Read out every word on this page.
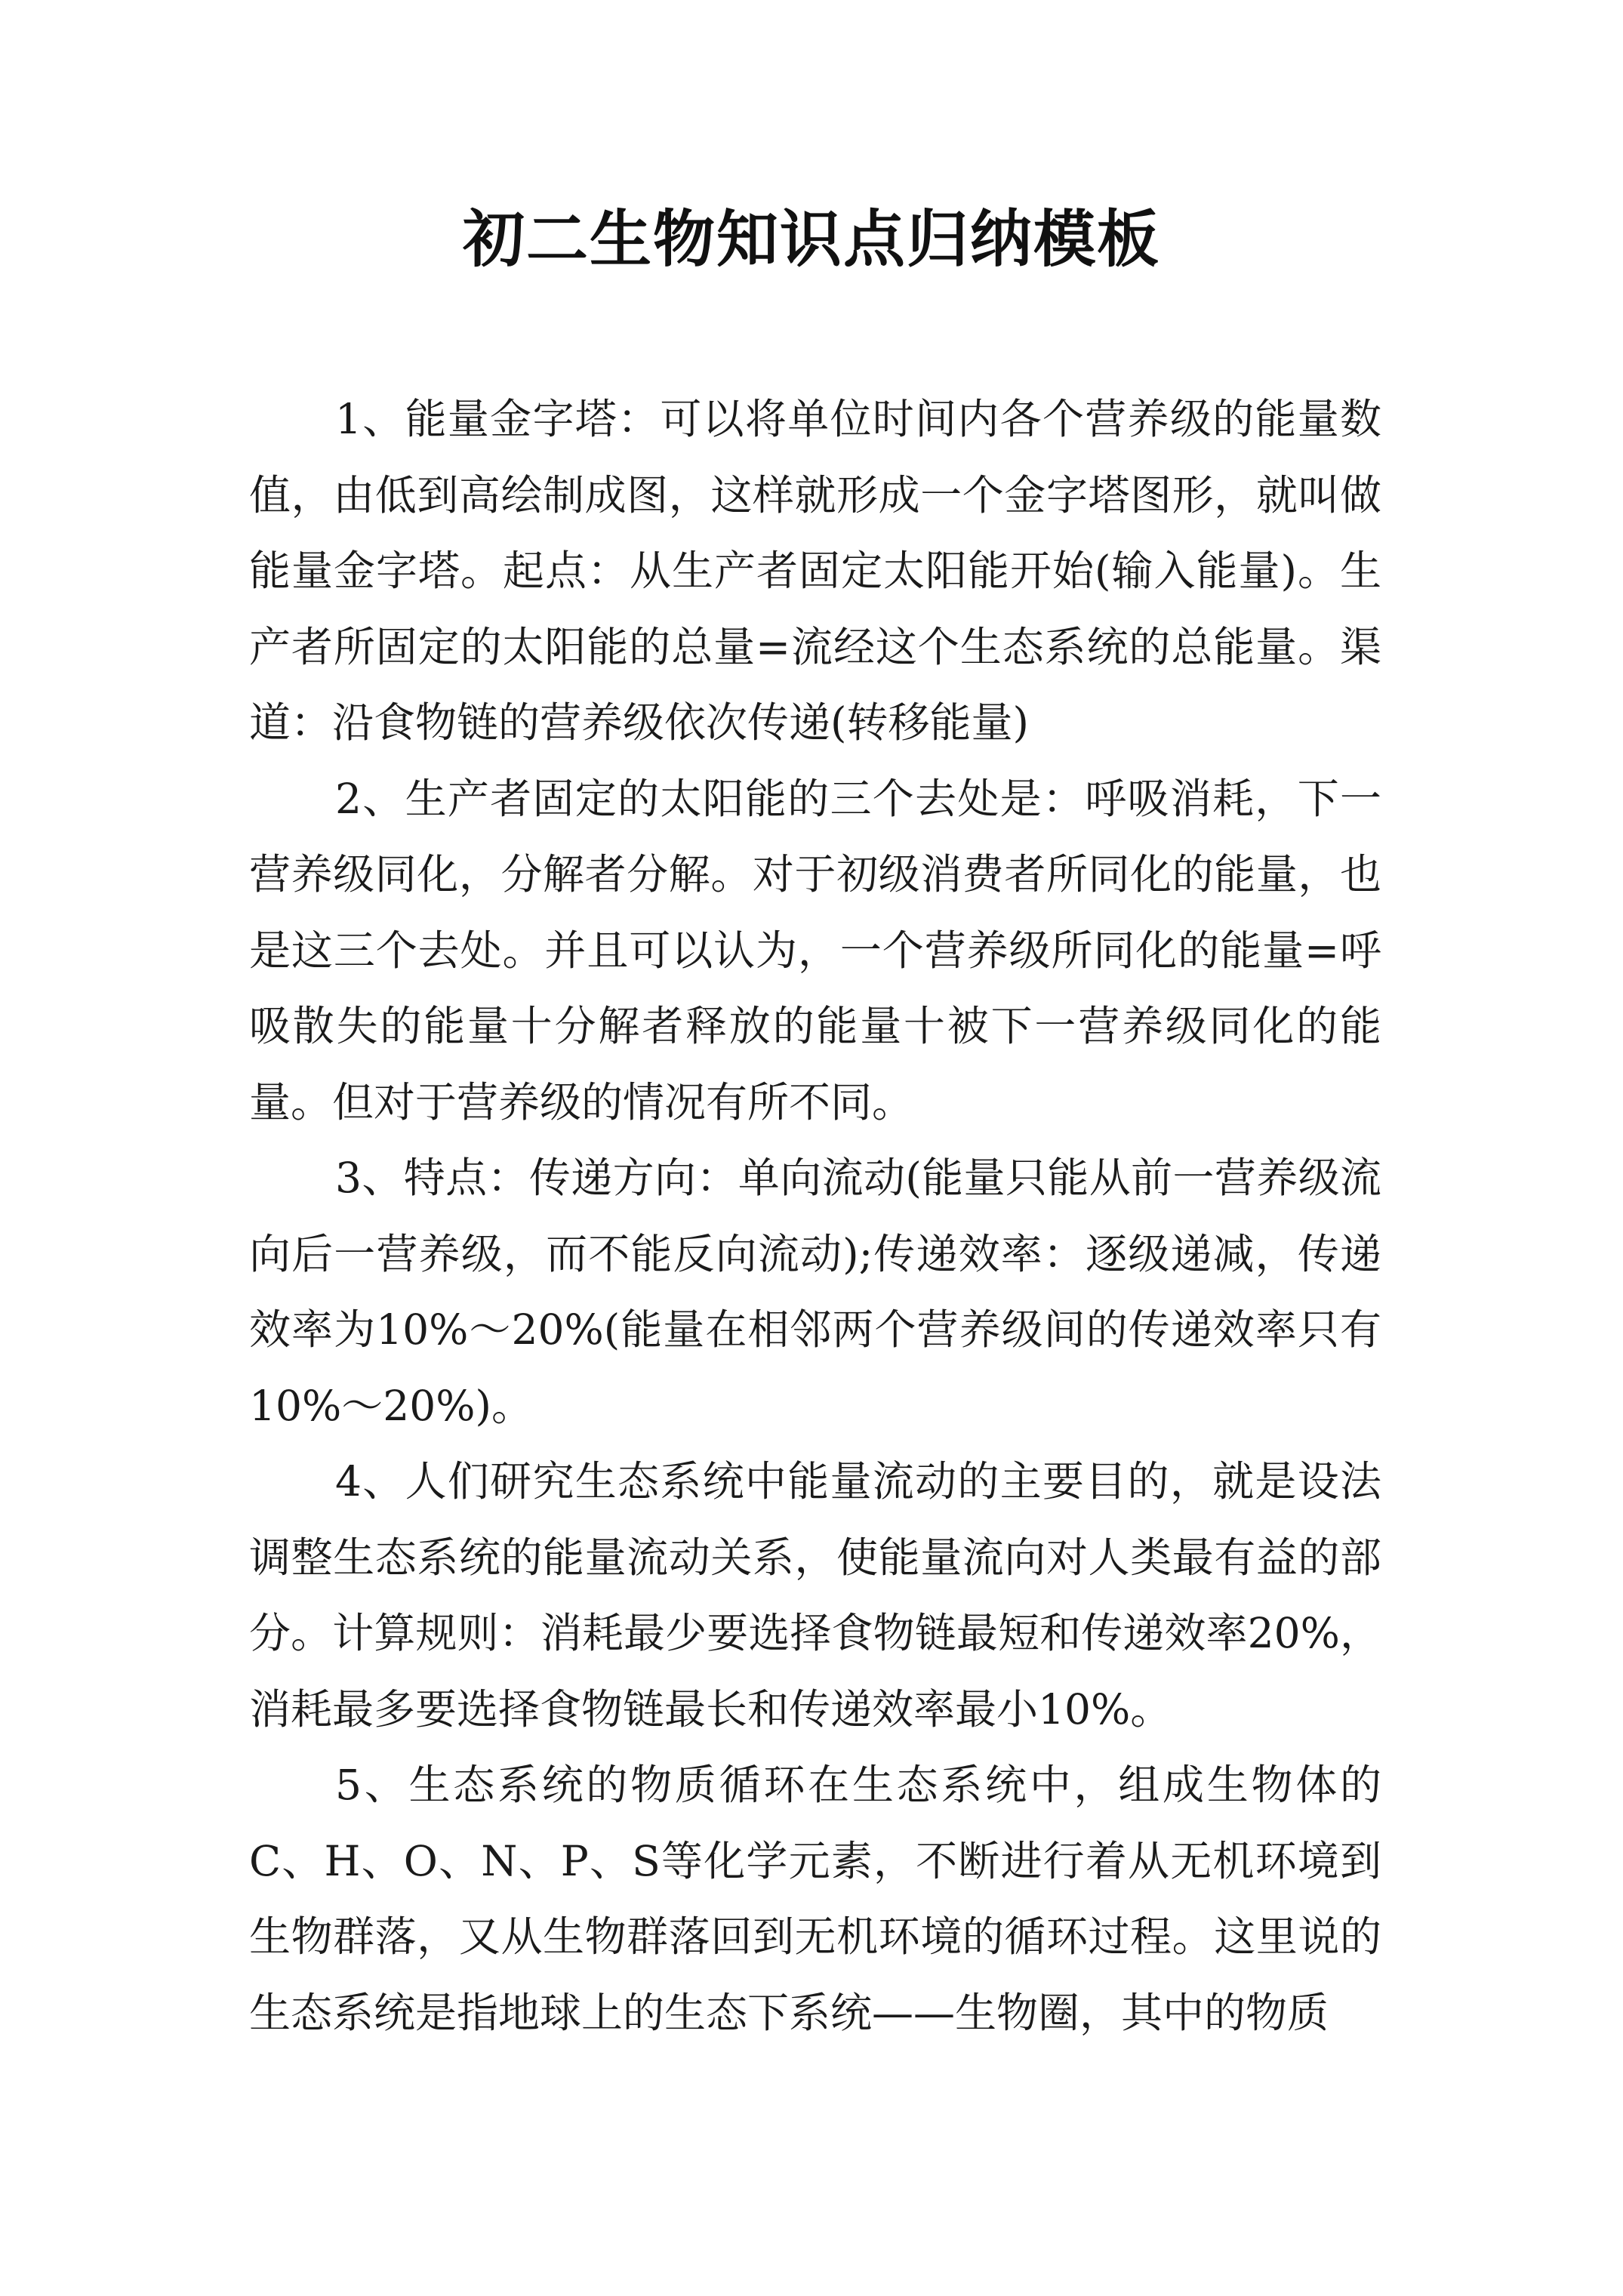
初二生物知识点归纳模板

1、能量金字塔：可以将单位时间内各个营养级的能量数值，由低到高绘制成图，这样就形成一个金字塔图形，就叫做能量金字塔。起点：从生产者固定太阳能开始(输入能量)。生产者所固定的太阳能的总量=流经这个生态系统的总能量。渠道：沿食物链的营养级依次传递(转移能量)

2、生产者固定的太阳能的三个去处是：呼吸消耗，下一营养级同化，分解者分解。对于初级消费者所同化的能量，也是这三个去处。并且可以认为，一个营养级所同化的能量=呼吸散失的能量十分解者释放的能量十被下一营养级同化的能量。但对于营养级的情况有所不同。

3、特点：传递方向：单向流动(能量只能从前一营养级流向后一营养级，而不能反向流动);传递效率：逐级递减，传递效率为10%～20%(能量在相邻两个营养级间的传递效率只有10%～20%)。

4、人们研究生态系统中能量流动的主要目的，就是设法调整生态系统的能量流动关系，使能量流向对人类最有益的部分。计算规则：消耗最少要选择食物链最短和传递效率20%，消耗最多要选择食物链最长和传递效率最小10%。

5、生态系统的物质循环在生态系统中，组成生物体的C、H、O、N、P、S等化学元素，不断进行着从无机环境到生物群落，又从生物群落回到无机环境的循环过程。这里说的生态系统是指地球上的生态下系统——生物圈，其中的物质
